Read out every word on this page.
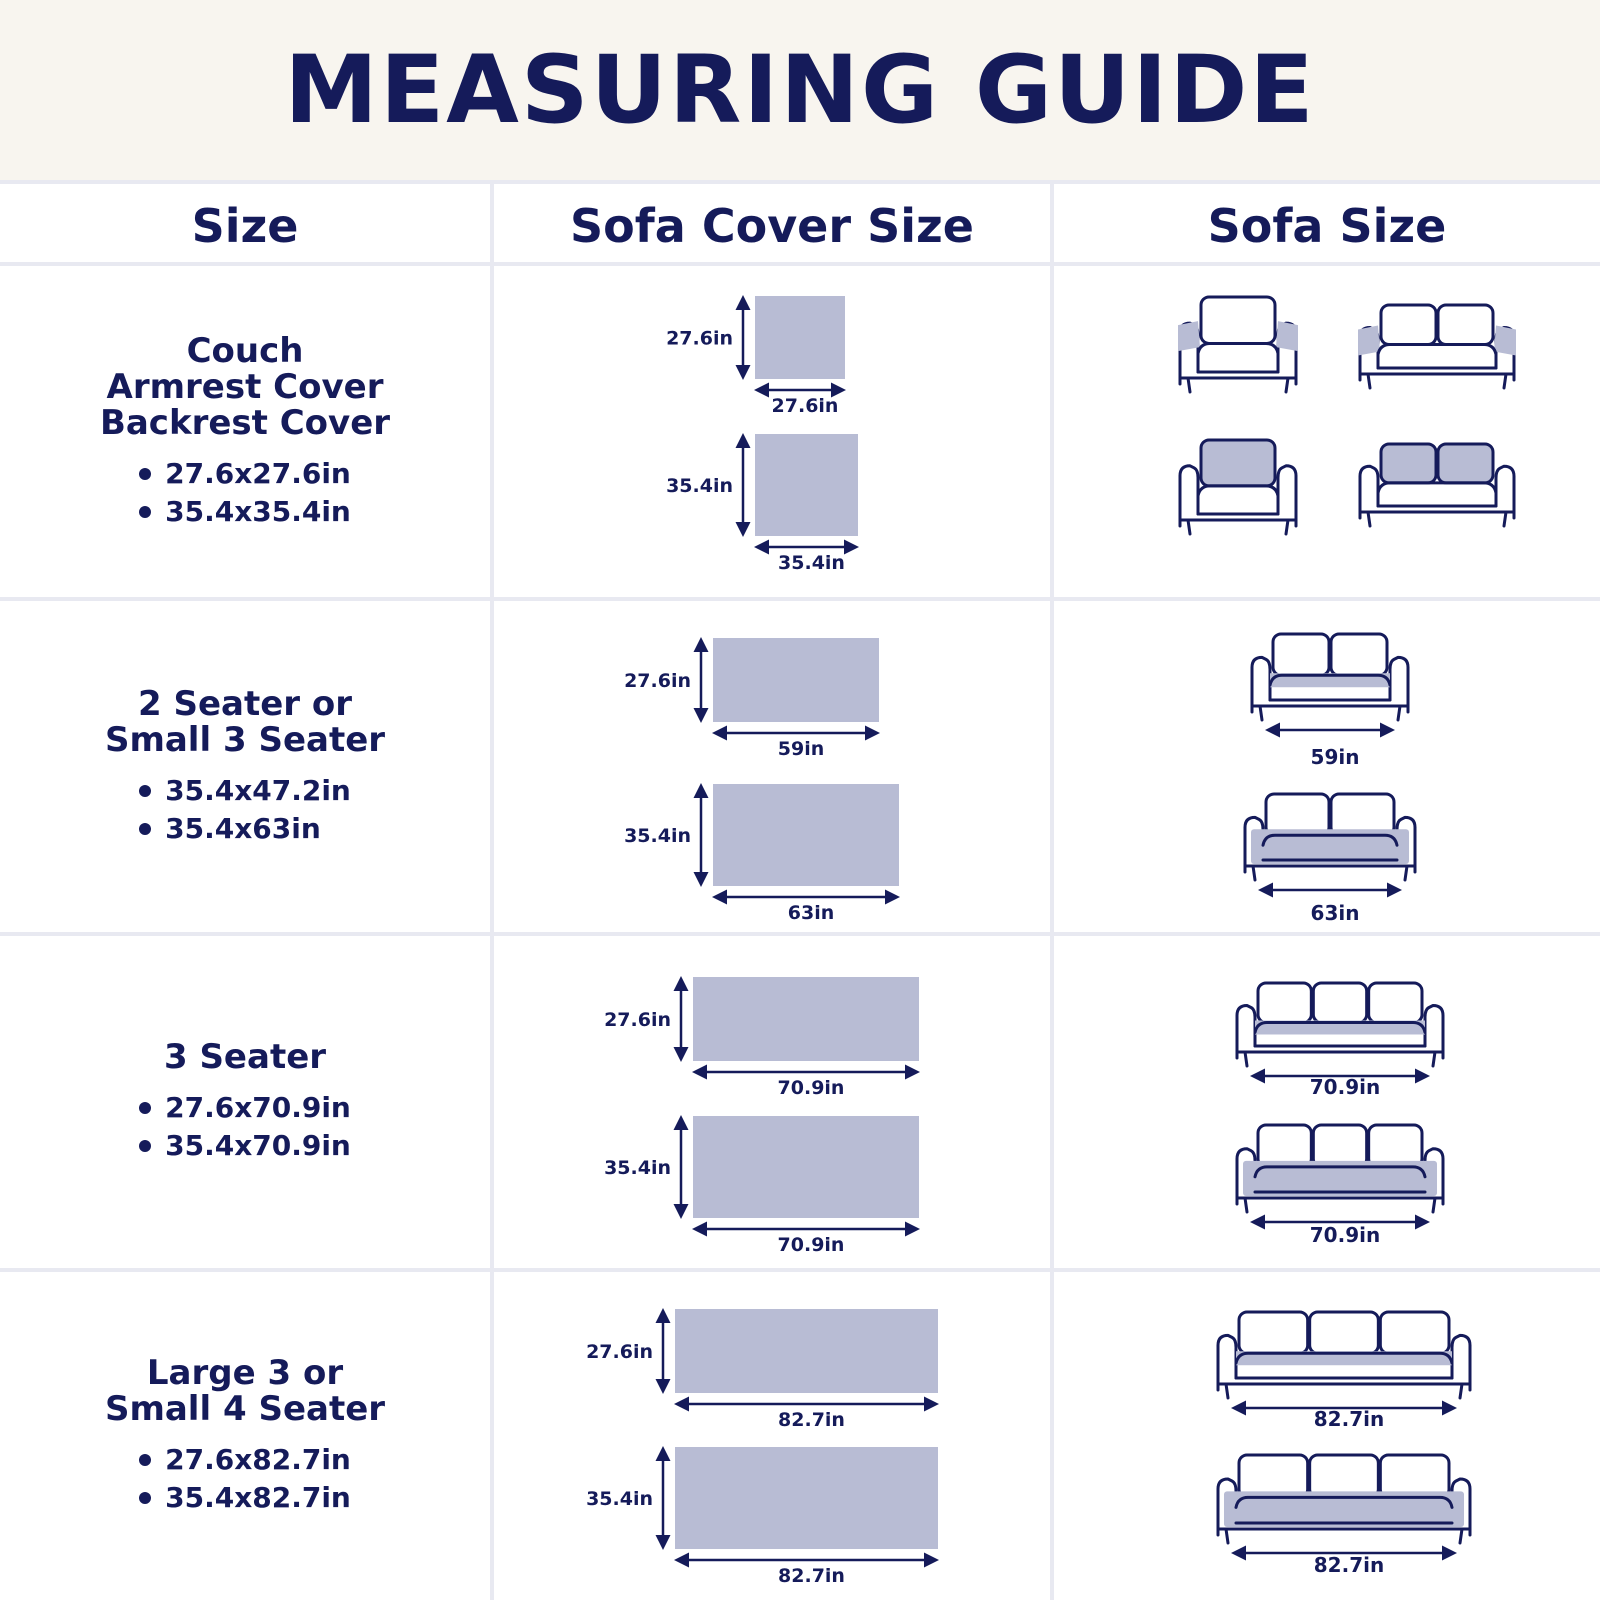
MEASURING GUIDE
Size	Sofa Cover Size	Sofa Size
Couch
Armrest Cover
Backrest Cover
27.6x27.6in
35.4x35.4in
2 Seater or
Small 3 Seater
35.4x47.2in
35.4x63in
3 Seater
27.6x70.9in
35.4x70.9in
Large 3 or
Small 4 Seater
27.6x82.7in
35.4x82.7in
27.6in
27.6in
35.4in
35.4in
27.6in
59in
35.4in
63in
27.6in
70.9in
35.4in
70.9in
27.6in
82.7in
35.4in
82.7in
59in
63in
70.9in
70.9in
82.7in
82.7in
